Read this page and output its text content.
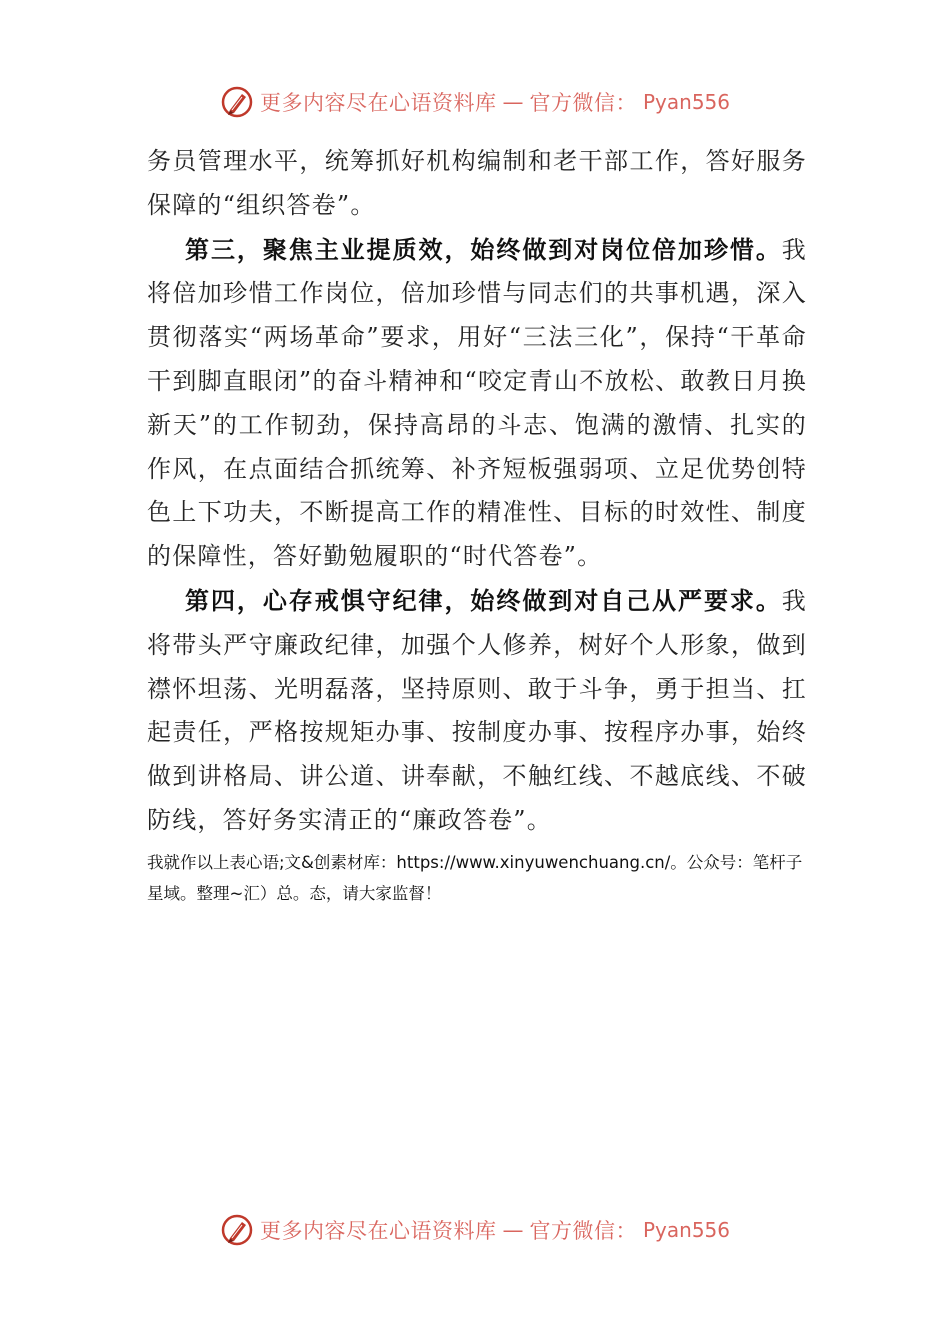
更多内容尽在心语资料库 — 官方微信： Pyan556

务员管理水平，统筹抓好机构编制和老干部工作，答好服务保障的“组织答卷”。

第三，聚焦主业提质效，始终做到对岗位倍加珍惜。我将倍加珍惜工作岗位，倍加珍惜与同志们的共事机遇，深入贯彻落实“两场革命”要求，用好“三法三化”，保持“干革命干到脚直眼闭”的奋斗精神和“咬定青山不放松、敢教日月换新天”的工作韧劲，保持高昂的斗志、饱满的激情、扎实的作风，在点面结合抓统筹、补齐短板强弱项、立足优势创特色上下功夫，不断提高工作的精准性、目标的时效性、制度的保障性，答好勤勉履职的“时代答卷”。

第四，心存戒惧守纪律，始终做到对自己从严要求。我将带头严守廉政纪律，加强个人修养，树好个人形象，做到襟怀坦荡、光明磊落，坚持原则、敢于斗争，勇于担当、扛起责任，严格按规矩办事、按制度办事、按程序办事，始终做到讲格局、讲公道、讲奉献，不触红线、不越底线、不破防线，答好务实清正的“廉政答卷”。

我就作以上表心语;文&创素材库：https://www.xinyuwenchuang.cn/。公众号：笔杆子星域。整理~汇）总。态，请大家监督！
更多内容尽在心语资料库 — 官方微信： Pyan556
